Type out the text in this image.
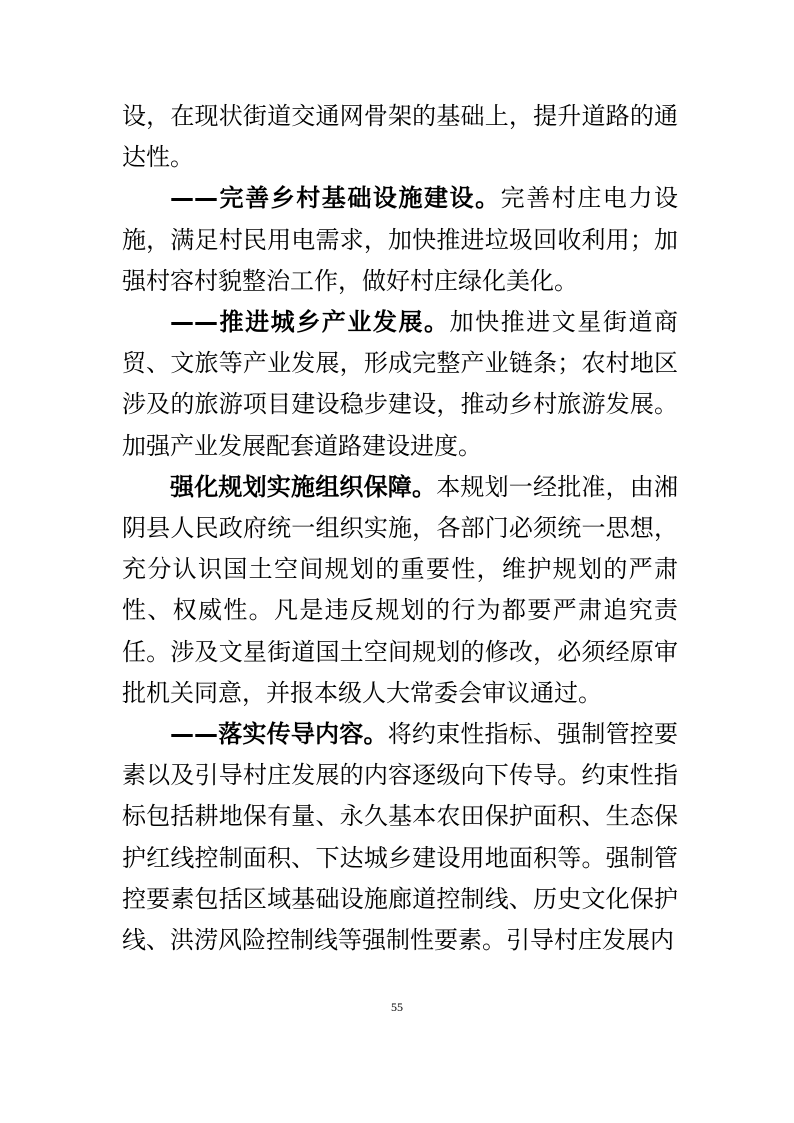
设，在现状街道交通网骨架的基础上，提升道路的通达性。

——完善乡村基础设施建设。完善村庄电力设施，满足村民用电需求，加快推进垃圾回收利用；加强村容村貌整治工作，做好村庄绿化美化。

——推进城乡产业发展。加快推进文星街道商贸、文旅等产业发展，形成完整产业链条；农村地区涉及的旅游项目建设稳步建设，推动乡村旅游发展。加强产业发展配套道路建设进度。

强化规划实施组织保障。本规划一经批准，由湘阴县人民政府统一组织实施，各部门必须统一思想，充分认识国土空间规划的重要性，维护规划的严肃性、权威性。凡是违反规划的行为都要严肃追究责任。涉及文星街道国土空间规划的修改，必须经原审批机关同意，并报本级人大常委会审议通过。

——落实传导内容。将约束性指标、强制管控要素以及引导村庄发展的内容逐级向下传导。约束性指标包括耕地保有量、永久基本农田保护面积、生态保护红线控制面积、下达城乡建设用地面积等。强制管控要素包括区域基础设施廊道控制线、历史文化保护线、洪涝风险控制线等强制性要素。引导村庄发展内

55
